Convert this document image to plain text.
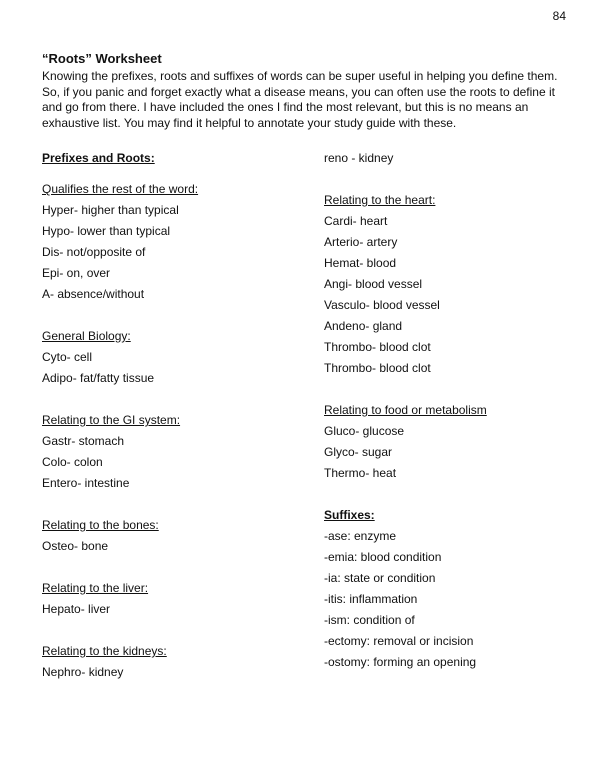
84
“Roots” Worksheet
Knowing the prefixes, roots and suffixes of words can be super useful in helping you define them. So, if you panic and forget exactly what a disease means, you can often use the roots to define it and go from there. I have included the ones I find the most relevant, but this is no means an exhaustive list. You may find it helpful to annotate your study guide with these.
Prefixes and Roots:
Qualifies the rest of the word:
Hyper- higher than typical
Hypo- lower than typical
Dis- not/opposite of
Epi- on, over
A- absence/without
General Biology:
Cyto- cell
Adipo- fat/fatty tissue
Relating to the GI system:
Gastr- stomach
Colo- colon
Entero- intestine
Relating to the bones:
Osteo- bone
Relating to the liver:
Hepato- liver
Relating to the kidneys:
Nephro- kidney
reno - kidney
Relating to the heart:
Cardi- heart
Arterio- artery
Hemat- blood
Angi- blood vessel
Vasculo- blood vessel
Andeno- gland
Thrombo- blood clot
Thrombo- blood clot
Relating to food or metabolism
Gluco- glucose
Glyco- sugar
Thermo- heat
Suffixes:
-ase: enzyme
-emia: blood condition
-ia: state or condition
-itis: inflammation
-ism: condition of
-ectomy: removal or incision
-ostomy: forming an opening
